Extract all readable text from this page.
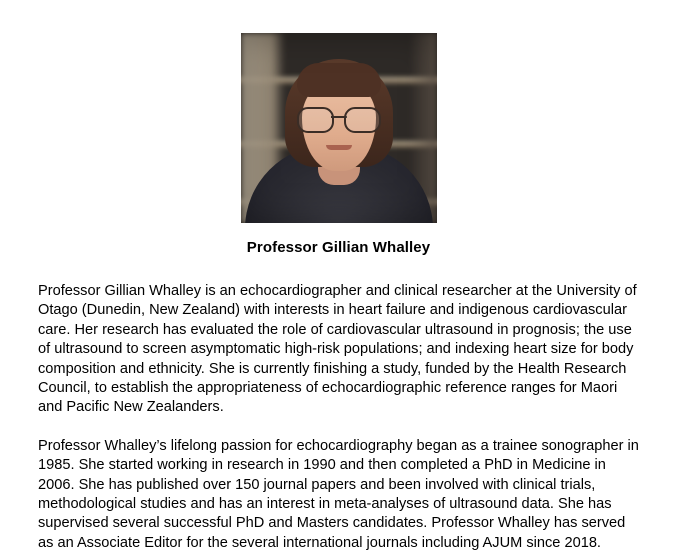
Professor Gillian Whalley

Professor Gillian Whalley is an echocardiographer and clinical researcher at the University of Otago (Dunedin, New Zealand) with interests in heart failure and indigenous cardiovascular care. Her research has evaluated the role of cardiovascular ultrasound in prognosis; the use of ultrasound to screen asymptomatic high-risk populations; and indexing heart size for body composition and ethnicity. She is currently finishing a study, funded by the Health Research Council, to establish the appropriateness of echocardiographic reference ranges for Maori and Pacific New Zealanders.

Professor Whalley’s lifelong passion for echocardiography began as a trainee sonographer in 1985. She started working in research in 1990 and then completed a PhD in Medicine in 2006. She has published over 150 journal papers and been involved with clinical trials, methodological studies and has an interest in meta-analyses of ultrasound data. She has supervised several successful PhD and Masters candidates. Professor Whalley has served as an Associate Editor for the several international journals including AJUM since 2018.
